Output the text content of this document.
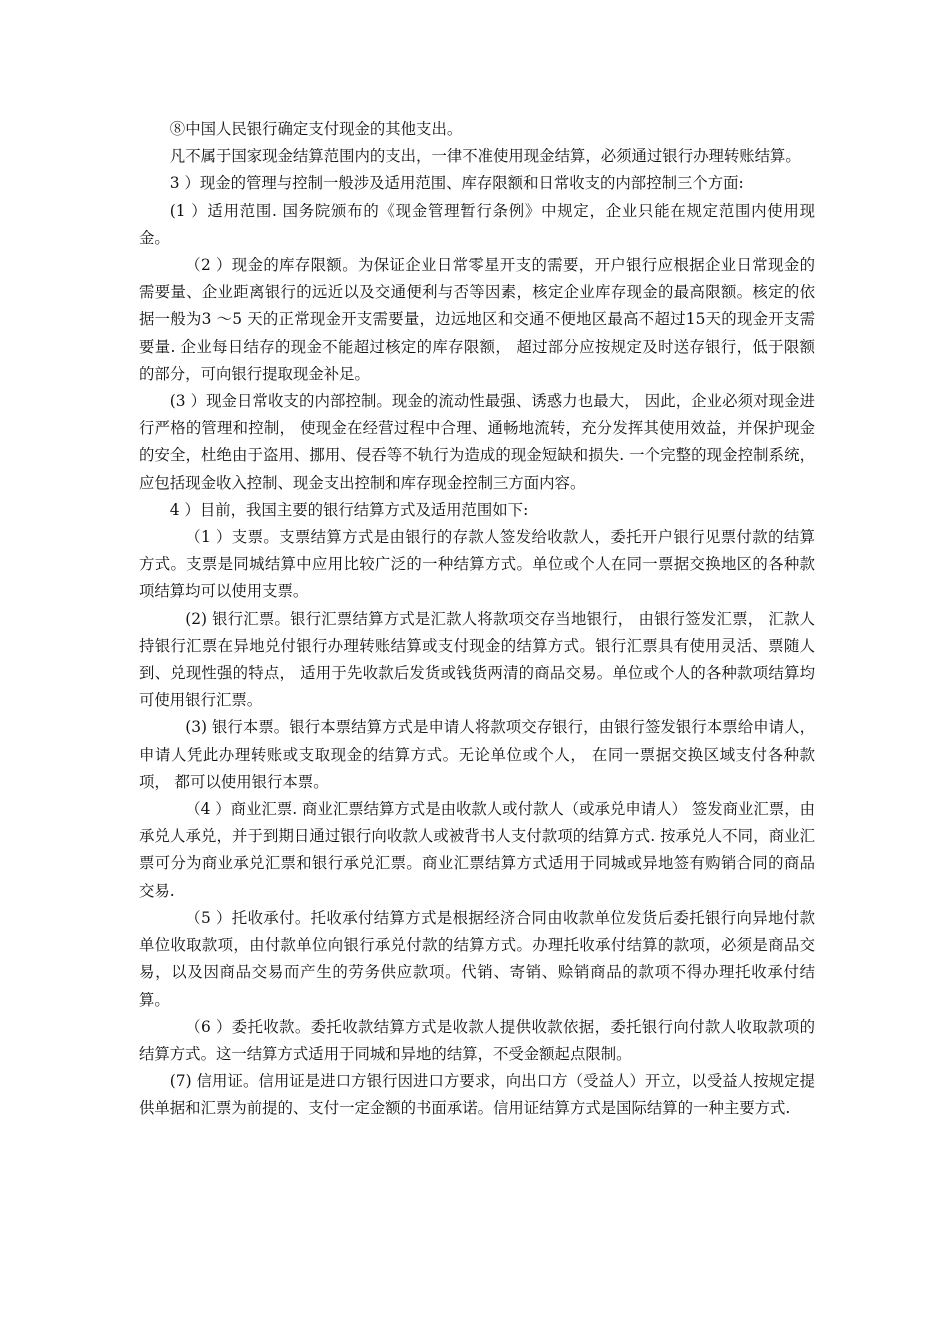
⑧中国人民银行确定支付现金的其他支出。

凡不属于国家现金结算范围内的支出，一律不准使用现金结算，必须通过银行办理转账结算。

3 ）现金的管理与控制一般涉及适用范围、库存限额和日常收支的内部控制三个方面:

(1 ）适用范围. 国务院颁布的《现金管理暂行条例》中规定，企业只能在规定范围内使用现金。

（2 ）现金的库存限额。为保证企业日常零星开支的需要，开户银行应根据企业日常现金的需要量、企业距离银行的远近以及交通便利与否等因素，核定企业库存现金的最高限额。核定的依据一般为3 ～5 天的正常现金开支需要量，边远地区和交通不便地区最高不超过15天的现金开支需要量. 企业每日结存的现金不能超过核定的库存限额， 超过部分应按规定及时送存银行，低于限额的部分，可向银行提取现金补足。

(3 ）现金日常收支的内部控制。现金的流动性最强、诱惑力也最大， 因此，企业必须对现金进行严格的管理和控制， 使现金在经营过程中合理、通畅地流转，充分发挥其使用效益，并保护现金的安全，杜绝由于盗用、挪用、侵吞等不轨行为造成的现金短缺和损失. 一个完整的现金控制系统，应包括现金收入控制、现金支出控制和库存现金控制三方面内容。

4 ）目前，我国主要的银行结算方式及适用范围如下:

（1 ）支票。支票结算方式是由银行的存款人签发给收款人，委托开户银行见票付款的结算方式。支票是同城结算中应用比较广泛的一种结算方式。单位或个人在同一票据交换地区的各种款项结算均可以使用支票。

(2) 银行汇票。银行汇票结算方式是汇款人将款项交存当地银行， 由银行签发汇票， 汇款人持银行汇票在异地兑付银行办理转账结算或支付现金的结算方式。银行汇票具有使用灵活、票随人到、兑现性强的特点， 适用于先收款后发货或钱货两清的商品交易。单位或个人的各种款项结算均可使用银行汇票。

(3) 银行本票。银行本票结算方式是申请人将款项交存银行，由银行签发银行本票给申请人，申请人凭此办理转账或支取现金的结算方式。无论单位或个人， 在同一票据交换区域支付各种款项， 都可以使用银行本票。

（4 ）商业汇票. 商业汇票结算方式是由收款人或付款人（或承兑申请人） 签发商业汇票，由承兑人承兑，并于到期日通过银行向收款人或被背书人支付款项的结算方式. 按承兑人不同，商业汇票可分为商业承兑汇票和银行承兑汇票。商业汇票结算方式适用于同城或异地签有购销合同的商品交易.

（5 ）托收承付。托收承付结算方式是根据经济合同由收款单位发货后委托银行向异地付款单位收取款项，由付款单位向银行承兑付款的结算方式。办理托收承付结算的款项，必须是商品交易，以及因商品交易而产生的劳务供应款项。代销、寄销、赊销商品的款项不得办理托收承付结算。

（6 ）委托收款。委托收款结算方式是收款人提供收款依据，委托银行向付款人收取款项的结算方式。这一结算方式适用于同城和异地的结算，不受金额起点限制。

(7) 信用证。信用证是进口方银行因进口方要求，向出口方（受益人）开立，以受益人按规定提供单据和汇票为前提的、支付一定金额的书面承诺。信用证结算方式是国际结算的一种主要方式.
